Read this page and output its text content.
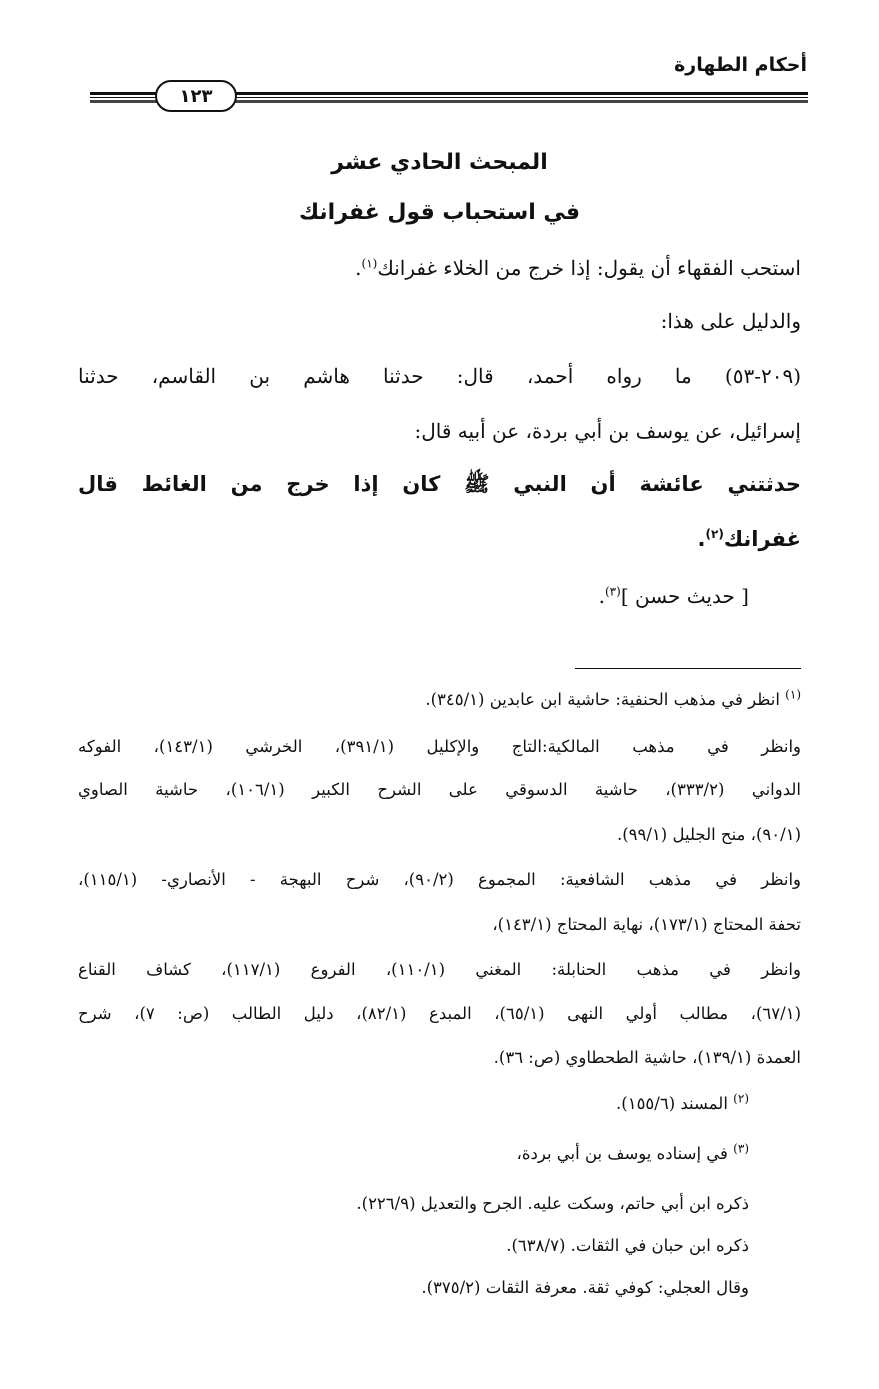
أحكام الطهارة
١٢٣
المبحث الحادي عشر
في استحباب قول غفرانك
استحب الفقهاء أن يقول: إذا خرج من الخلاء غفرانك$^{(١)}$.
والدليل على هذا:
(٢٠٩-٥٣) ما رواه أحمد، قال: حدثنا هاشم بن القاسم، حدثنا
إسرائيل، عن يوسف بن أبي بردة، عن أبيه قال:
حدثتني عائشة أن النبي ﷺ كان إذا خرج من الغائط قال
غفرانك$^{(٢)}$.
[ حديث حسن ]$^{(٣)}$.
$^{(١)}$ انظر في مذهب الحنفية: حاشية ابن عابدين (٣٤٥/١).
وانظر في مذهب المالكية:التاج والإكليل (٣٩١/١)، الخرشي (١٤٣/١)، الفوكه
الدواني (٣٣٣/٢)، حاشية الدسوقي على الشرح الكبير (١٠٦/١)، حاشية الصاوي
(٩٠/١)، منح الجليل (٩٩/١).
وانظر في مذهب الشافعية: المجموع (٩٠/٢)، شرح البهجة - الأنصاري- (١١٥/١)،
تحفة المحتاج (١٧٣/١)، نهاية المحتاج (١٤٣/١)،
وانظر في مذهب الحنابلة: المغني (١١٠/١)، الفروع (١١٧/١)، كشاف القناع
(٦٧/١)، مطالب أولي النهى (٦٥/١)، المبدع (٨٢/١)، دليل الطالب (ص: ٧)، شرح
العمدة (١٣٩/١)، حاشية الطحطاوي (ص: ٣٦).
$^{(٢)}$ المسند (١٥٥/٦).
$^{(٣)}$ في إسناده يوسف بن أبي بردة،
ذكره ابن أبي حاتم، وسكت عليه. الجرح والتعديل (٢٢٦/٩).
ذكره ابن حبان في الثقات. (٦٣٨/٧).
وقال العجلي: كوفي ثقة. معرفة الثقات (٣٧٥/٢).
